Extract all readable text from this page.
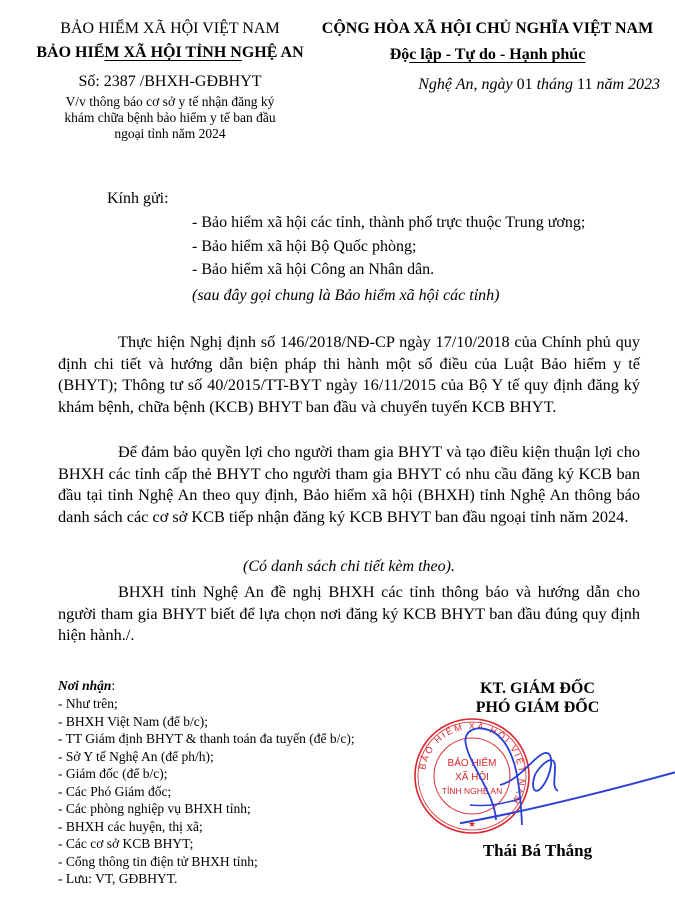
BẢO HIỂM XÃ HỘI VIỆT NAM
BẢO HIỂM XÃ HỘI TỈNH NGHỆ AN
Số: 2387 /BHXH-GĐBHYT
V/v thông báo cơ sở y tế nhận đăng ký
khám chữa bệnh bảo hiểm y tế ban đầu
ngoại tỉnh năm 2024
CỘNG HÒA XÃ HỘI CHỦ NGHĨA VIỆT NAM
Độc lập - Tự do - Hạnh phúc
Nghệ An, ngày 01 tháng 11 năm 2023
Kính gửi:
- Bảo hiểm xã hội các tỉnh, thành phố trực thuộc Trung ương;
- Bảo hiểm xã hội Bộ Quốc phòng;
- Bảo hiểm xã hội Công an Nhân dân.
(sau đây gọi chung là Bảo hiểm xã hội các tỉnh)
Thực hiện Nghị định số 146/2018/NĐ-CP ngày 17/10/2018 của Chính phủ quy định chi tiết và hướng dẫn biện pháp thi hành một số điều của Luật Bảo hiểm y tế (BHYT); Thông tư số 40/2015/TT-BYT ngày 16/11/2015 của Bộ Y tế quy định đăng ký khám bệnh, chữa bệnh (KCB) BHYT ban đầu và chuyển tuyến KCB BHYT.
Để đảm bảo quyền lợi cho người tham gia BHYT và tạo điều kiện thuận lợi cho BHXH các tỉnh cấp thẻ BHYT cho người tham gia BHYT có nhu cầu đăng ký KCB ban đầu tại tỉnh Nghệ An theo quy định, Bảo hiểm xã hội (BHXH) tỉnh Nghệ An thông báo danh sách các cơ sở KCB tiếp nhận đăng ký KCB BHYT ban đầu ngoại tỉnh năm 2024.
(Có danh sách chi tiết kèm theo).
BHXH tỉnh Nghệ An đề nghị BHXH các tỉnh thông báo và hướng dẫn cho người tham gia BHYT biết để lựa chọn nơi đăng ký KCB BHYT ban đầu đúng quy định hiện hành./.
Nơi nhận:
- Như trên;
- BHXH Việt Nam (để b/c);
- TT Giám định BHYT & thanh toán đa tuyến (để b/c);
- Sở Y tế Nghệ An (để ph/h);
- Giám đốc (để b/c);
- Các Phó Giám đốc;
- Các phòng nghiệp vụ BHXH tỉnh;
- BHXH các huyện, thị xã;
- Các cơ sở KCB BHYT;
- Cổng thông tin điện tử BHXH tỉnh;
- Lưu: VT, GĐBHYT.
KT. GIÁM ĐỐC
PHÓ GIÁM ĐỐC
BẢO HIỂM XÃ HỘI VIỆT NAM
BẢO HIỂM
XÃ HỘI
TỈNH NGHỆ AN
★
Thái Bá Thắng
